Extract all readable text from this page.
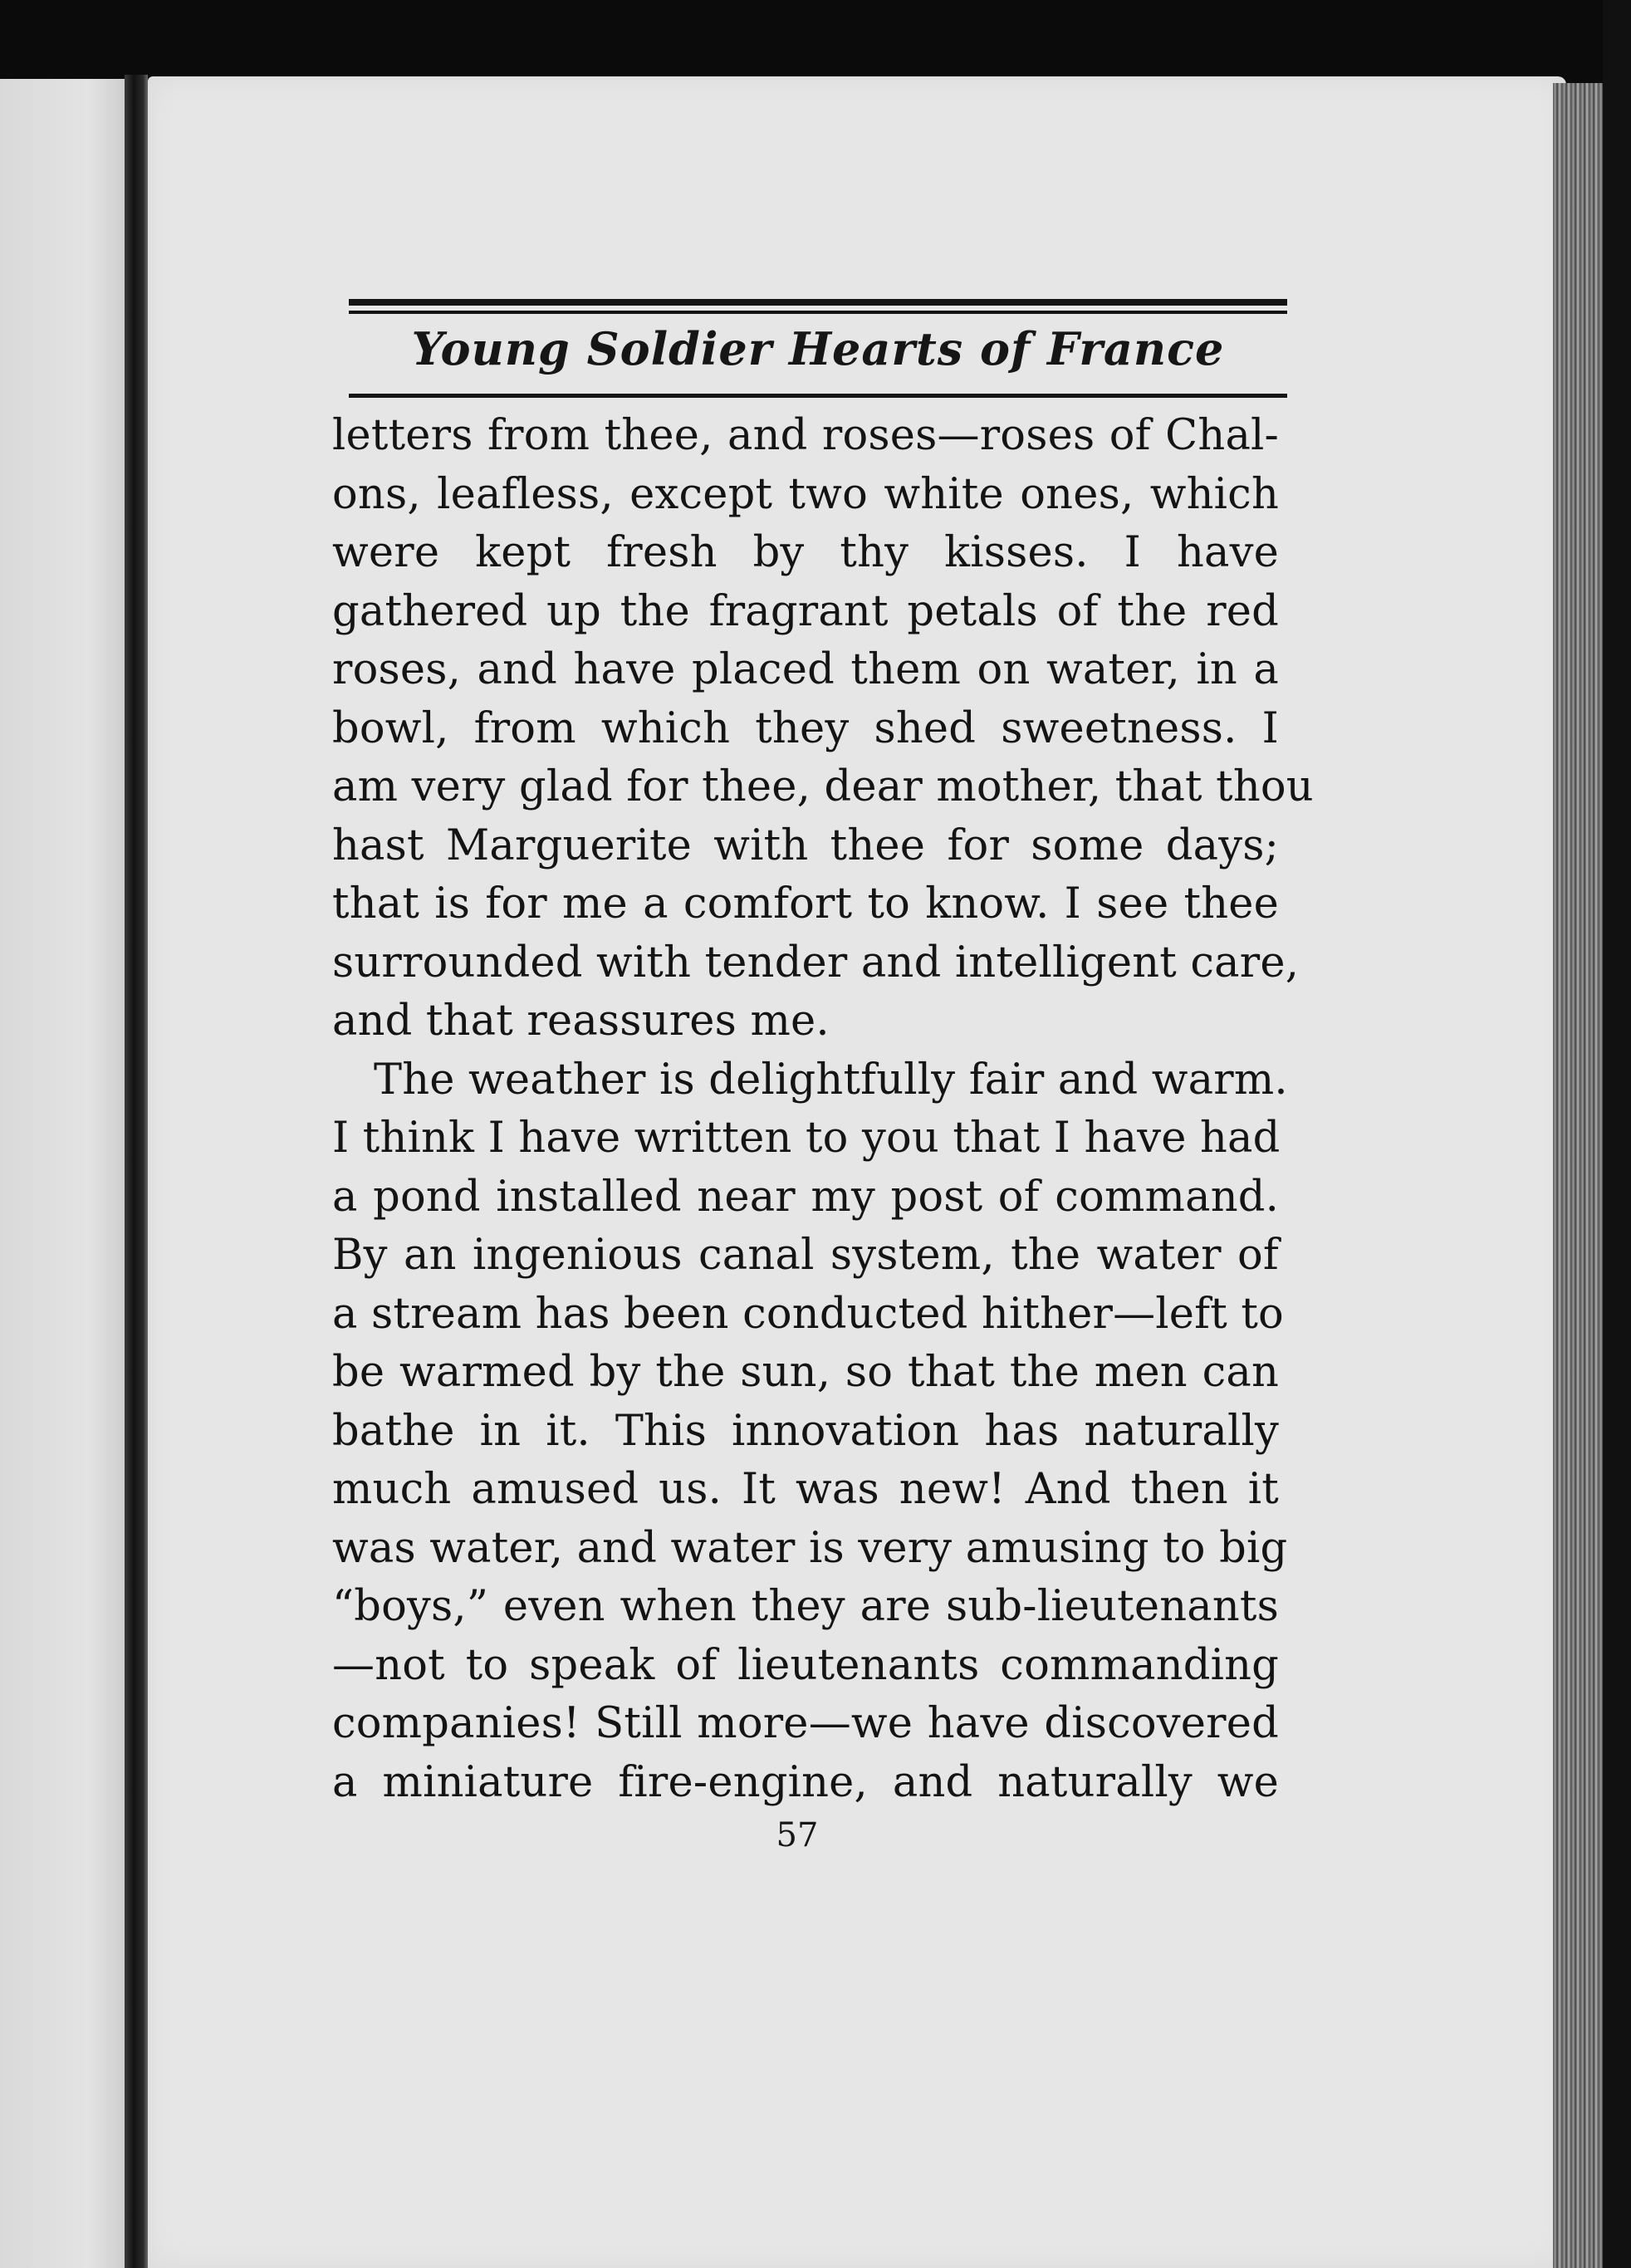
Young Soldier Hearts of France
letters from thee, and roses—roses of Chal-
ons, leafless, except two white ones, which
were kept fresh by thy kisses. I have
gathered up the fragrant petals of the red
roses, and have placed them on water, in a
bowl, from which they shed sweetness. I
am very glad for thee, dear mother, that thou
hast Marguerite with thee for some days;
that is for me a comfort to know. I see thee
surrounded with tender and intelligent care,
and that reassures me.
The weather is delightfully fair and warm.
I think I have written to you that I have had
a pond installed near my post of command.
By an ingenious canal system, the water of
a stream has been conducted hither—left to
be warmed by the sun, so that the men can
bathe in it. This innovation has naturally
much amused us. It was new! And then it
was water, and water is very amusing to big
“boys,” even when they are sub-lieutenants
—not to speak of lieutenants commanding
companies! Still more—we have discovered
a miniature fire-engine, and naturally we
57
